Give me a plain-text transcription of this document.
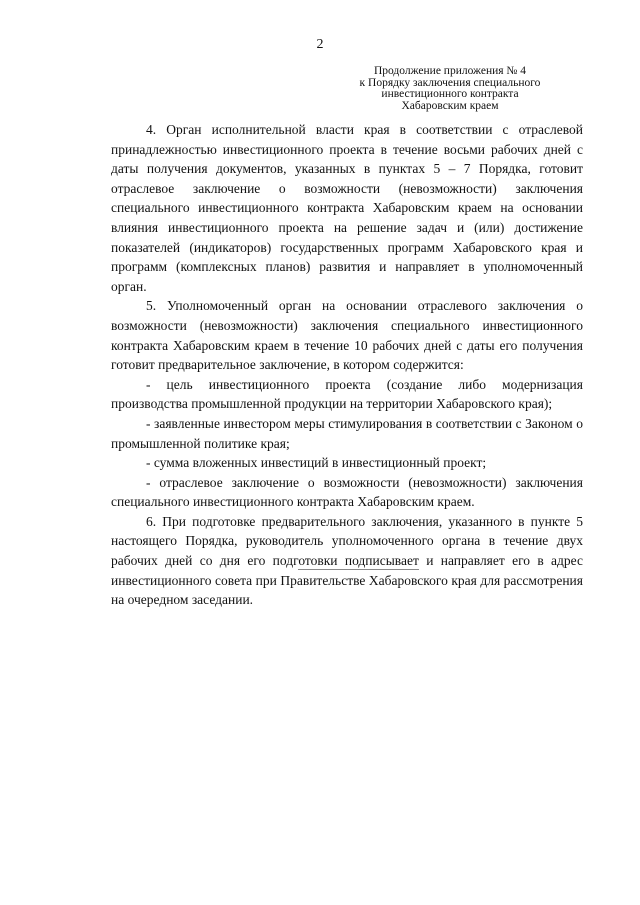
2
Продолжение приложения № 4
к Порядку заключения специального
инвестиционного контракта
Хабаровским краем

4. Орган исполнительной власти края в соответствии с отраслевой принадлежностью инвестиционного проекта в течение восьми рабочих дней с даты получения документов, указанных в пунктах 5 – 7 Порядка, готовит отраслевое заключение о возможности (невозможности) заключения специального инвестиционного контракта Хабаровским краем на основании влияния инвестиционного проекта на решение задач и (или) достижение показателей (индикаторов) государственных программ Хабаровского края и программ (комплексных планов) развития и направляет в уполномоченный орган.

5. Уполномоченный орган на основании отраслевого заключения о возможности (невозможности) заключения специального инвестиционного контракта Хабаровским краем в течение 10 рабочих дней с даты его получения готовит предварительное заключение, в котором содержится:

- цель инвестиционного проекта (создание либо модернизация производства промышленной продукции на территории Хабаровского края);

- заявленные инвестором меры стимулирования в соответствии с Законом о промышленной политике края;

- сумма вложенных инвестиций в инвестиционный проект;

- отраслевое заключение о возможности (невозможности) заключения специального инвестиционного контракта Хабаровским краем.

6. При подготовке предварительного заключения, указанного в пункте 5 настоящего Порядка, руководитель уполномоченного органа в течение двух рабочих дней со дня его подготовки подписывает и направляет его в адрес инвестиционного совета при Правительстве Хабаровского края для рассмотрения на очередном заседании.
